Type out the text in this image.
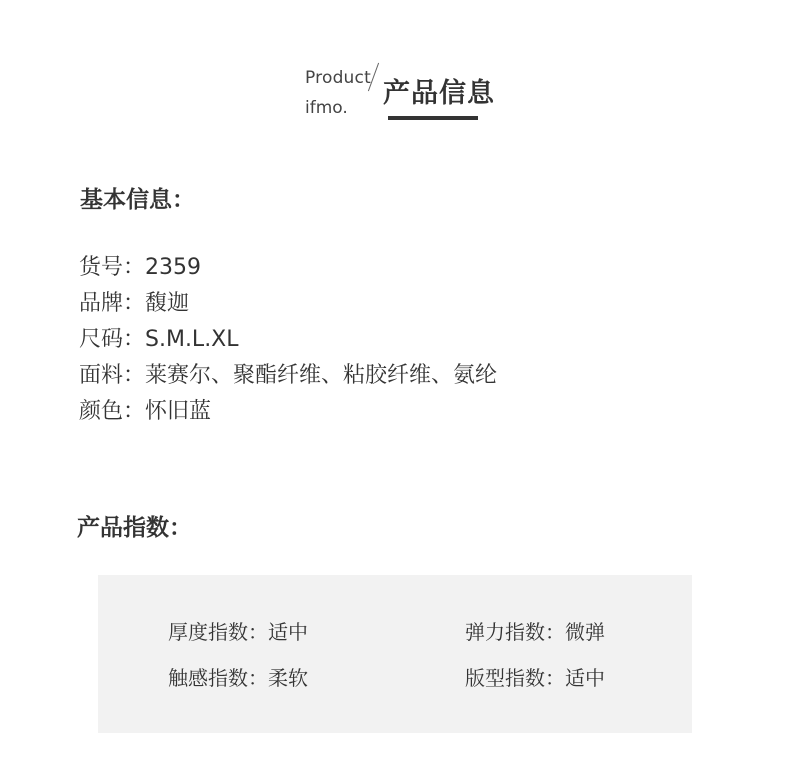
Product
ifmo. 产品信息
基本信息：
货号：2359
品牌：馥迦
尺码：S.M.L.XL
面料：莱赛尔、聚酯纤维、粘胶纤维、氨纶
颜色：怀旧蓝
产品指数：
厚度指数：适中	弹力指数：微弹
触感指数：柔软	版型指数：适中
